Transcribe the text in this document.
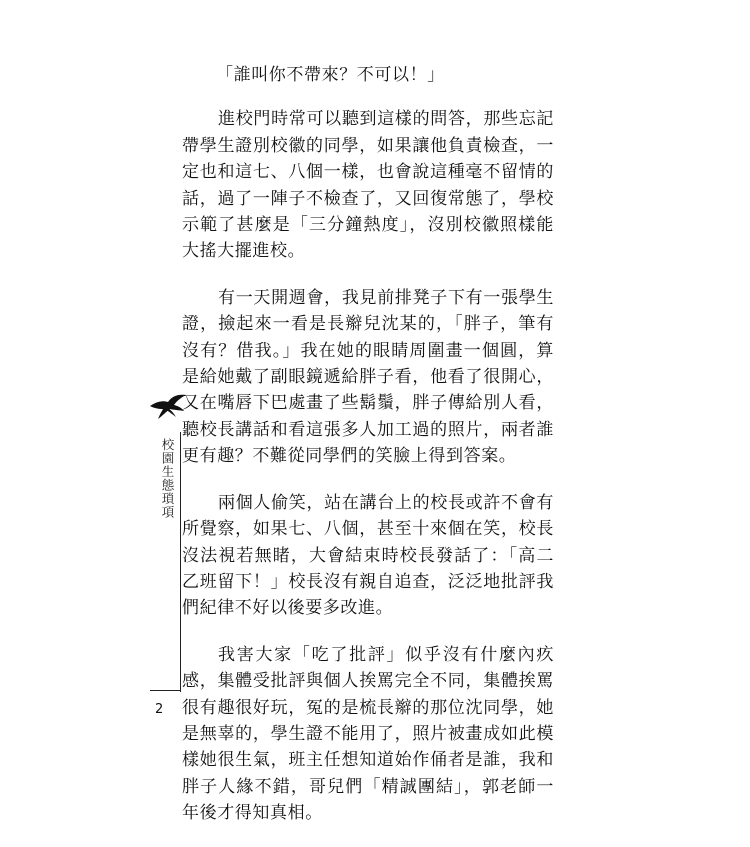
「誰叫你不帶來？不可以！」

進校門時常可以聽到這樣的問答，那些忘記帶學生證別校徽的同學，如果讓他負責檢查，一定也和這七、八個一樣，也會說這種毫不留情的話，過了一陣子不檢查了，又回復常態了，學校示範了甚麼是「三分鐘熱度」，沒別校徽照樣能大搖大擺進校。

有一天開週會，我見前排凳子下有一張學生證，撿起來一看是長辮兒沈某的，「胖子，筆有沒有？借我。」我在她的眼睛周圍畫一個圓，算是給她戴了副眼鏡遞給胖子看，他看了很開心，又在嘴唇下巴處畫了些鬍鬚，胖子傳給別人看，聽校長講話和看這張多人加工過的照片，兩者誰更有趣？不難從同學們的笑臉上得到答案。

兩個人偷笑，站在講台上的校長或許不會有所覺察，如果七、八個，甚至十來個在笑，校長沒法視若無睹，大會結束時校長發話了：「高二乙班留下！」校長沒有親自追查，泛泛地批評我們紀律不好以後要多改進。

我害大家「吃了批評」似乎沒有什麼內疚感，集體受批評與個人挨罵完全不同，集體挨罵很有趣很好玩，冤的是梳長辮的那位沈同學，她是無辜的，學生證不能用了，照片被畫成如此模樣她很生氣，班主任想知道始作俑者是誰，我和胖子人緣不錯，哥兒們「精誠團結」，郭老師一年後才得知真相。

校園生態瑣項
2
